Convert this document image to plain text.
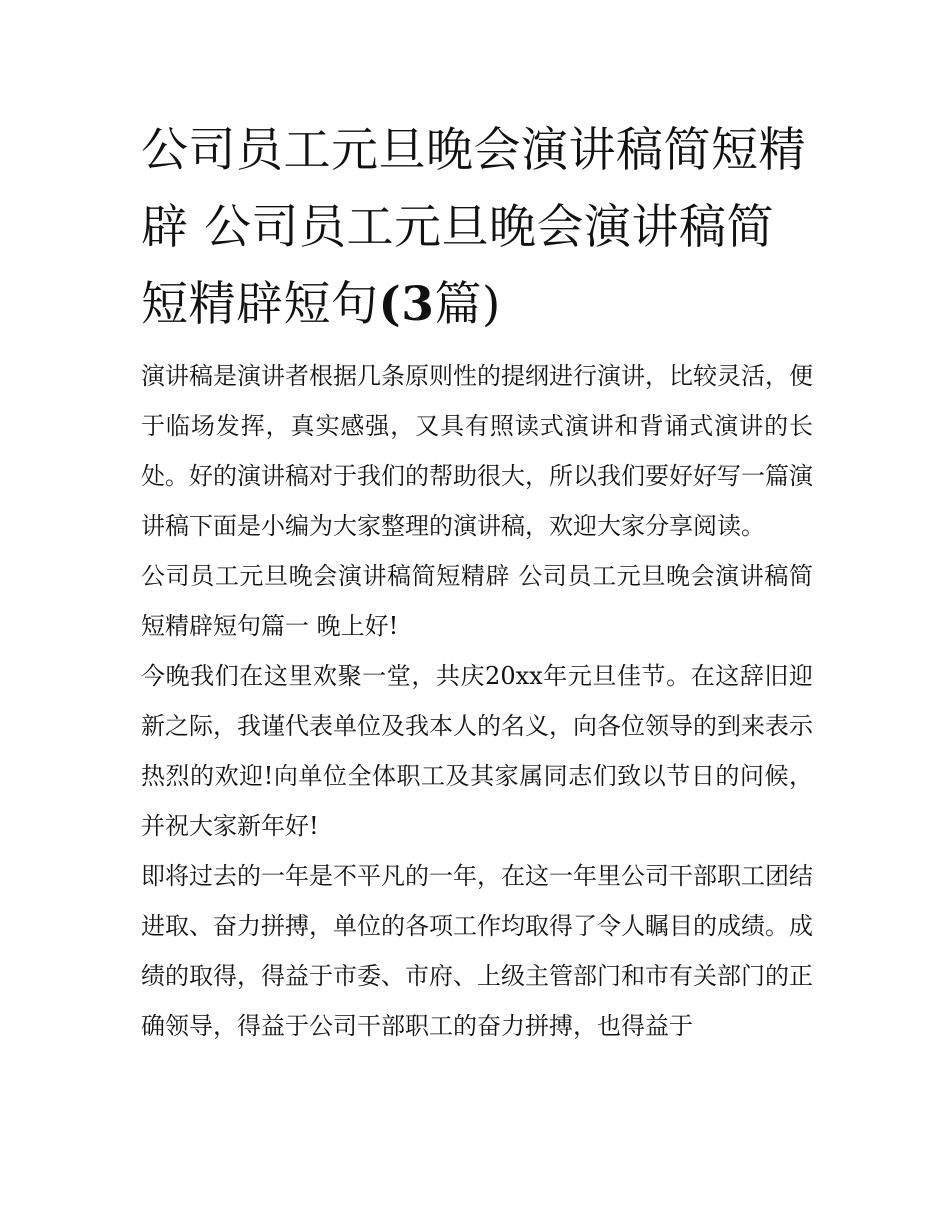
公司员工元旦晚会演讲稿简短精辟 公司员工元旦晚会演讲稿简短精辟短句(3篇)

演讲稿是演讲者根据几条原则性的提纲进行演讲，比较灵活，便于临场发挥，真实感强，又具有照读式演讲和背诵式演讲的长处。好的演讲稿对于我们的帮助很大，所以我们要好好写一篇演讲稿下面是小编为大家整理的演讲稿，欢迎大家分享阅读。

公司员工元旦晚会演讲稿简短精辟 公司员工元旦晚会演讲稿简短精辟短句篇一 晚上好!

今晚我们在这里欢聚一堂，共庆20xx年元旦佳节。在这辞旧迎新之际，我谨代表单位及我本人的名义，向各位领导的到来表示热烈的欢迎!向单位全体职工及其家属同志们致以节日的问候，并祝大家新年好!

即将过去的一年是不平凡的一年，在这一年里公司干部职工团结进取、奋力拼搏，单位的各项工作均取得了令人瞩目的成绩。成绩的取得，得益于市委、市府、上级主管部门和市有关部门的正确领导，得益于公司干部职工的奋力拼搏，也得益于
